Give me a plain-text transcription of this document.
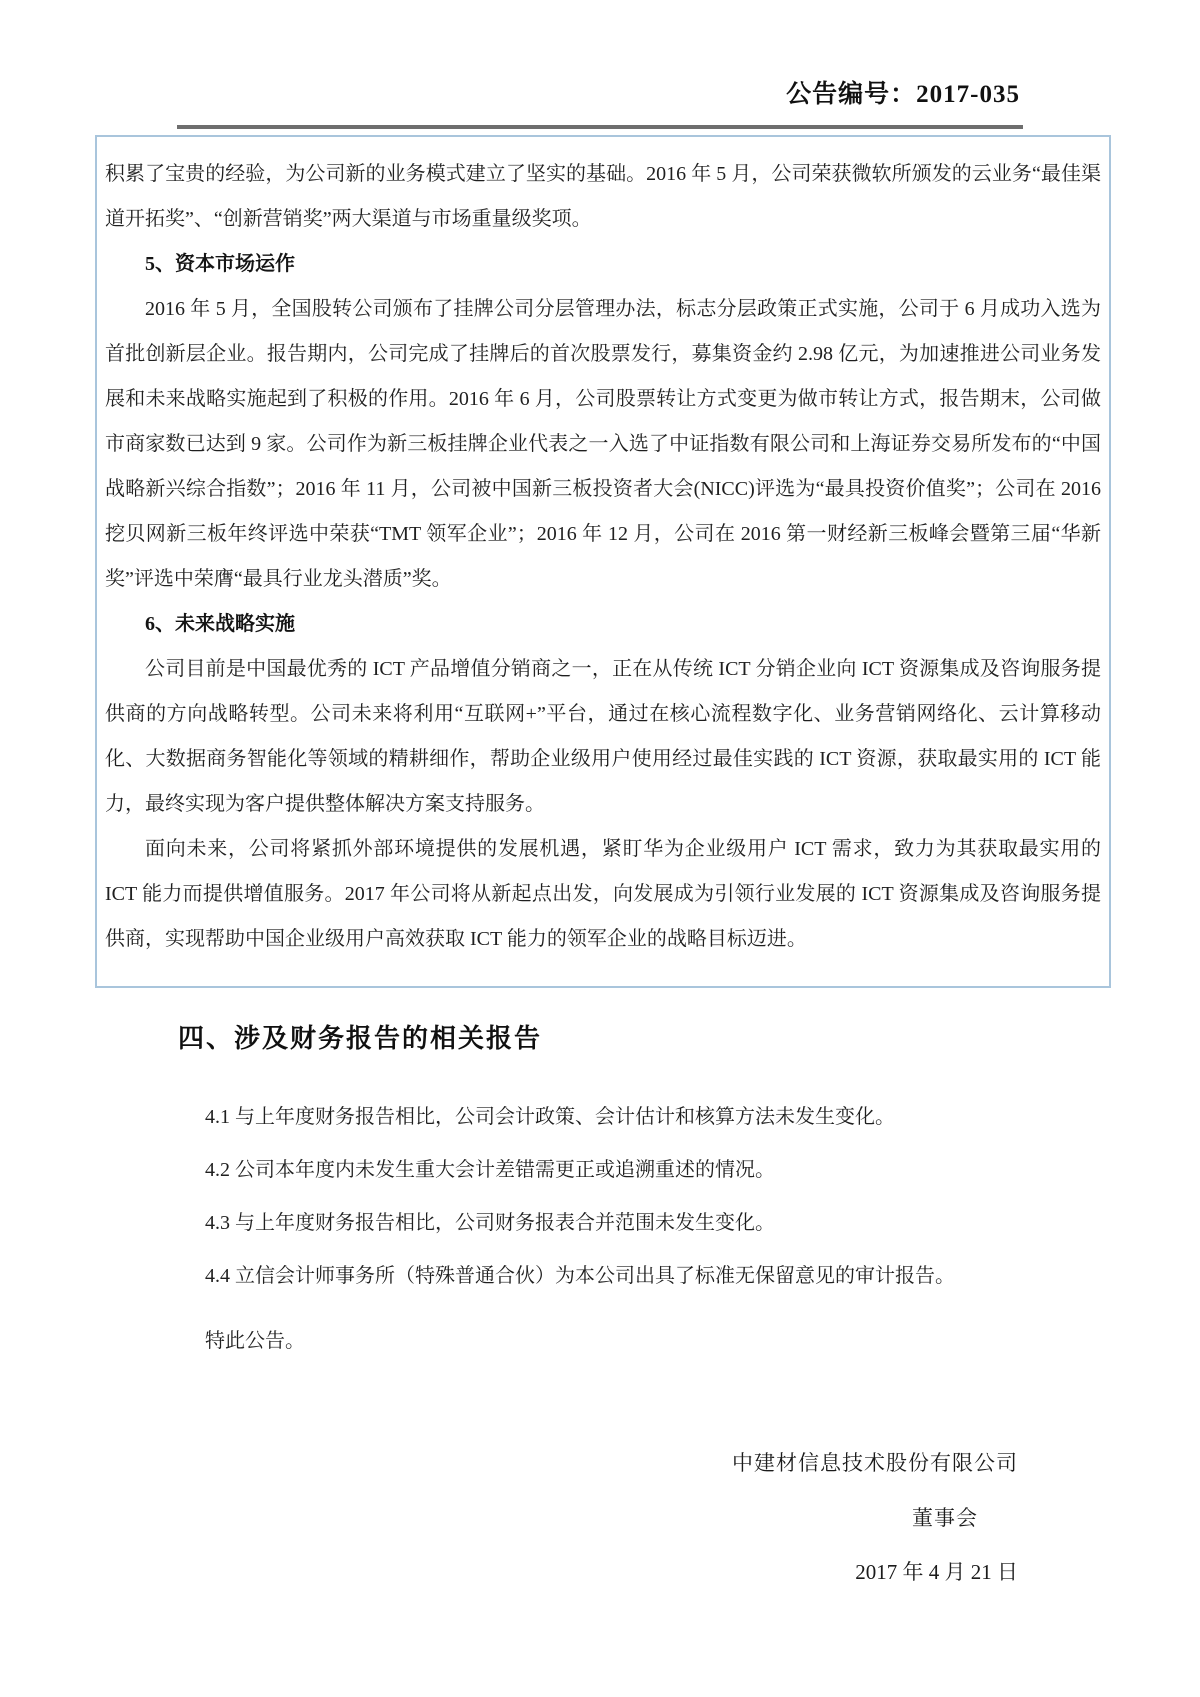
公告编号：2017-035

积累了宝贵的经验，为公司新的业务模式建立了坚实的基础。2016 年 5 月，公司荣获微软所颁发的云业务“最佳渠道开拓奖”、“创新营销奖”两大渠道与市场重量级奖项。

5、资本市场运作

2016 年 5 月，全国股转公司颁布了挂牌公司分层管理办法，标志分层政策正式实施，公司于 6 月成功入选为首批创新层企业。报告期内，公司完成了挂牌后的首次股票发行，募集资金约 2.98 亿元，为加速推进公司业务发展和未来战略实施起到了积极的作用。2016 年 6 月，公司股票转让方式变更为做市转让方式，报告期末，公司做市商家数已达到 9 家。公司作为新三板挂牌企业代表之一入选了中证指数有限公司和上海证券交易所发布的“中国战略新兴综合指数”；2016 年 11 月，公司被中国新三板投资者大会(NICC)评选为“最具投资价值奖”；公司在 2016 挖贝网新三板年终评选中荣获“TMT 领军企业”；2016 年 12 月，公司在 2016 第一财经新三板峰会暨第三届“华新奖”评选中荣膺“最具行业龙头潜质”奖。

6、未来战略实施

公司目前是中国最优秀的 ICT 产品增值分销商之一，正在从传统 ICT 分销企业向 ICT 资源集成及咨询服务提供商的方向战略转型。公司未来将利用“互联网+”平台，通过在核心流程数字化、业务营销网络化、云计算移动化、大数据商务智能化等领域的精耕细作，帮助企业级用户使用经过最佳实践的 ICT 资源，获取最实用的 ICT 能力，最终实现为客户提供整体解决方案支持服务。

面向未来，公司将紧抓外部环境提供的发展机遇，紧盯华为企业级用户 ICT 需求，致力为其获取最实用的 ICT 能力而提供增值服务。2017 年公司将从新起点出发，向发展成为引领行业发展的 ICT 资源集成及咨询服务提供商，实现帮助中国企业级用户高效获取 ICT 能力的领军企业的战略目标迈进。

四、涉及财务报告的相关报告

4.1 与上年度财务报告相比，公司会计政策、会计估计和核算方法未发生变化。

4.2 公司本年度内未发生重大会计差错需更正或追溯重述的情况。

4.3 与上年度财务报告相比，公司财务报表合并范围未发生变化。

4.4 立信会计师事务所（特殊普通合伙）为本公司出具了标准无保留意见的审计报告。

特此公告。

中建材信息技术股份有限公司
董事会
2017 年 4 月 21 日
